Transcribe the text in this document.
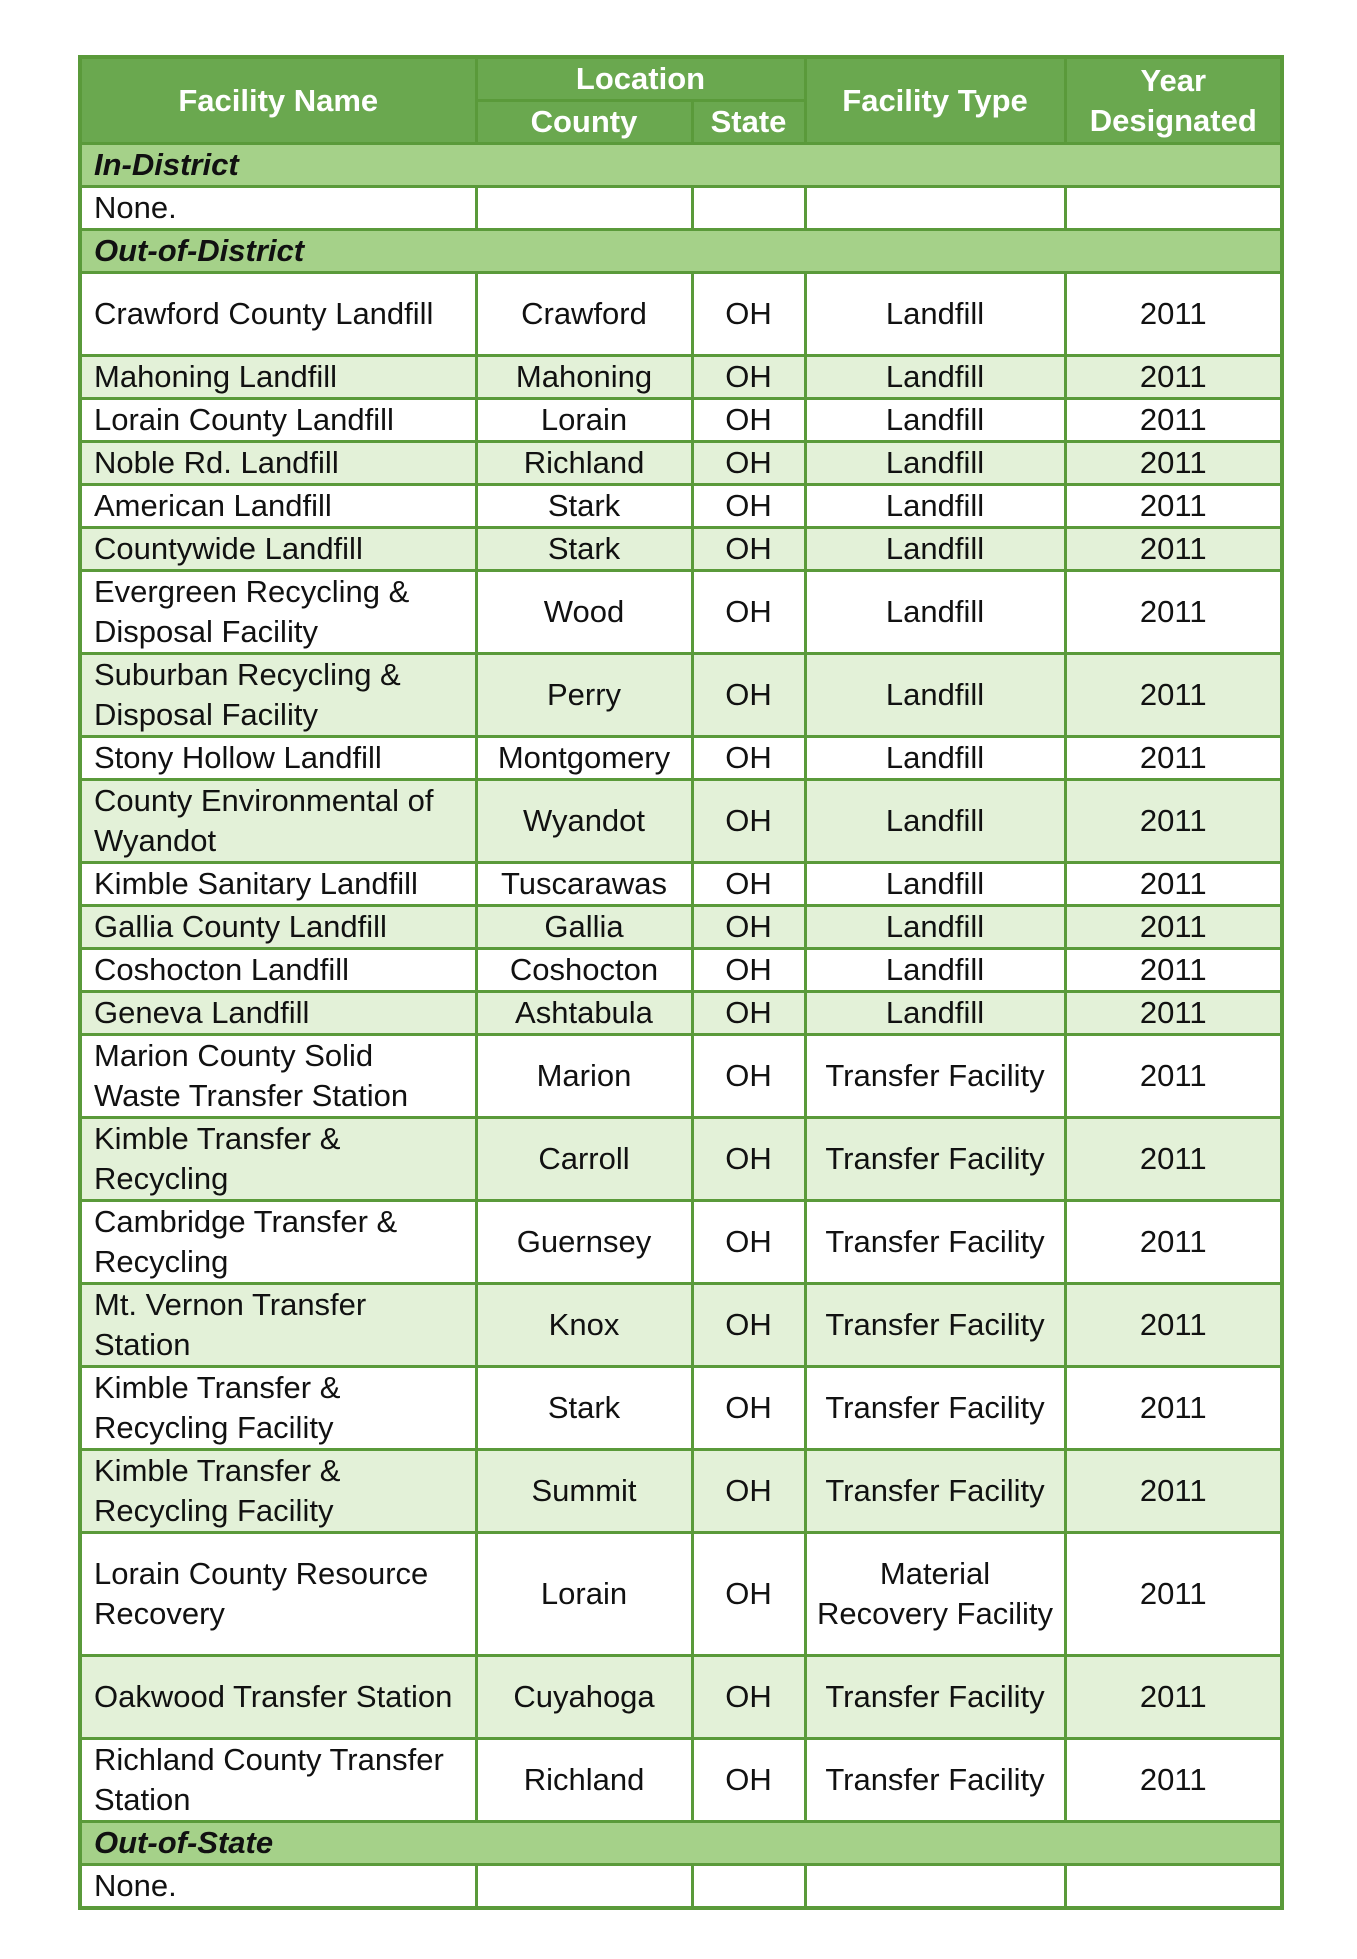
Facility Name	Location		Facility Type	Year Designated
	County	State		
In-District				
None.				
Out-of-District				
Crawford County Landfill	Crawford	OH	Landfill	2011
Mahoning Landfill	Mahoning	OH	Landfill	2011
Lorain County Landfill	Lorain	OH	Landfill	2011
Noble Rd. Landfill	Richland	OH	Landfill	2011
American Landfill	Stark	OH	Landfill	2011
Countywide Landfill	Stark	OH	Landfill	2011
Evergreen Recycling & Disposal Facility	Wood	OH	Landfill	2011
Suburban Recycling & Disposal Facility	Perry	OH	Landfill	2011
Stony Hollow Landfill	Montgomery	OH	Landfill	2011
County Environmental of Wyandot	Wyandot	OH	Landfill	2011
Kimble Sanitary Landfill	Tuscarawas	OH	Landfill	2011
Gallia County Landfill	Gallia	OH	Landfill	2011
Coshocton Landfill	Coshocton	OH	Landfill	2011
Geneva Landfill	Ashtabula	OH	Landfill	2011
Marion County Solid Waste Transfer Station	Marion	OH	Transfer Facility	2011
Kimble Transfer & Recycling	Carroll	OH	Transfer Facility	2011
Cambridge Transfer & Recycling	Guernsey	OH	Transfer Facility	2011
Mt. Vernon Transfer Station	Knox	OH	Transfer Facility	2011
Kimble Transfer & Recycling Facility	Stark	OH	Transfer Facility	2011
Kimble Transfer & Recycling Facility	Summit	OH	Transfer Facility	2011
Lorain County Resource Recovery	Lorain	OH	Material Recovery Facility	2011
Oakwood Transfer Station	Cuyahoga	OH	Transfer Facility	2011
Richland County Transfer Station	Richland	OH	Transfer Facility	2011
Out-of-State				
None.				
